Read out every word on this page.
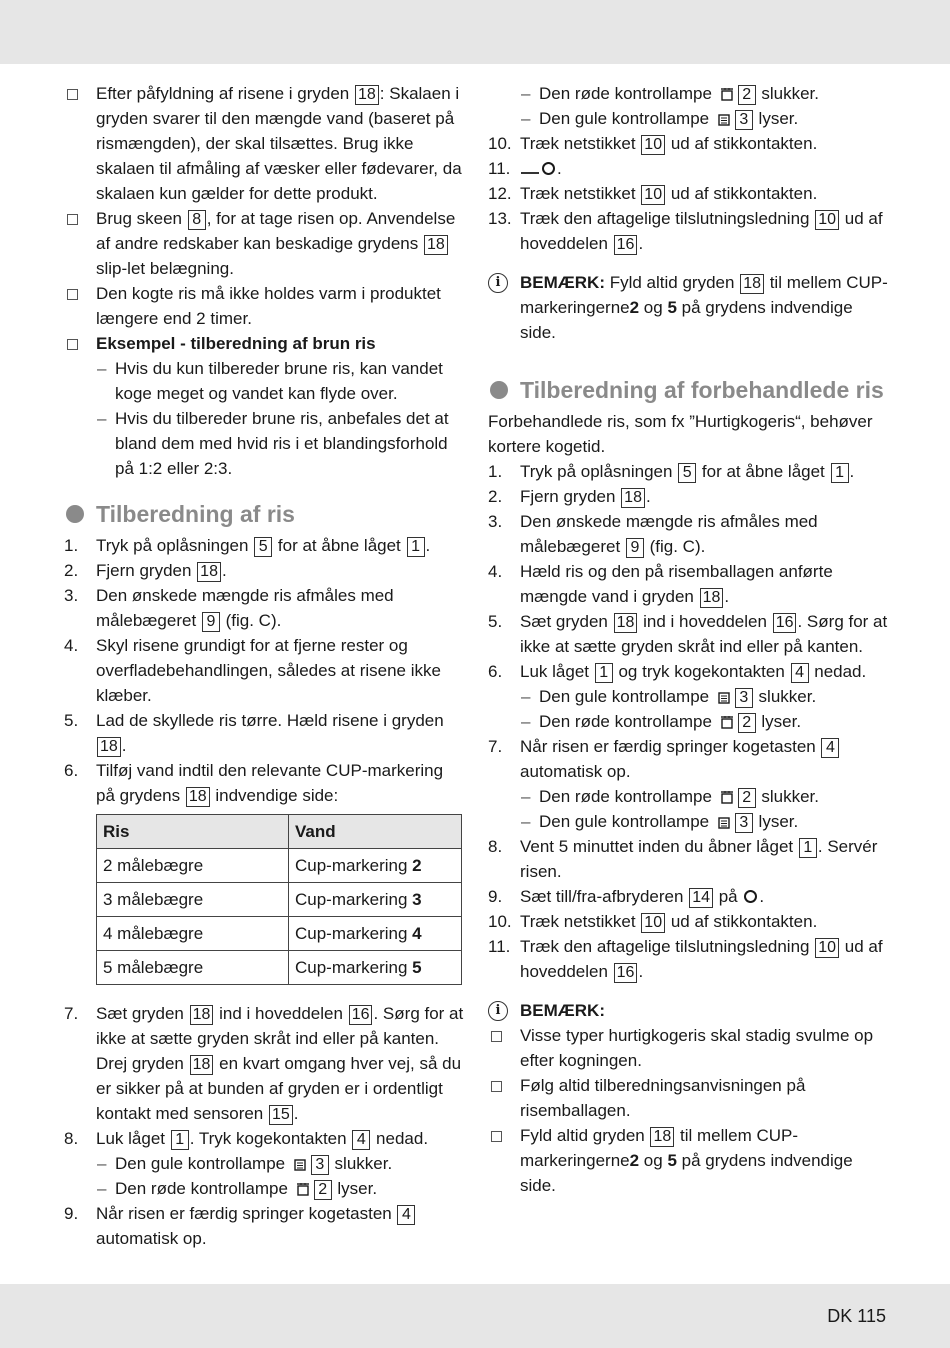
Efter påfyldning af risene i gryden 18 : Skalaen i gryden svarer til den mængde vand (baseret på rismængden), der skal tilsættes. Brug ikke skalaen til afmåling af væsker eller fødevarer, da skalaen kun gælder for dette produkt.
Brug skeen 8 , for at tage risen op. Anvendelse af andre redskaber kan beskadige grydens 18 slip-let belægning.
Den kogte ris må ikke holdes varm i produktet længere end 2 timer.
Eksempel - tilberedning af brun ris
– Hvis du kun tilbereder brune ris, kan vandet koge meget og vandet kan flyde over.
– Hvis du tilbereder brune ris, anbefales det at bland dem med hvid ris i et blandingsforhold på 1:2 eller 2:3.
Tilberedning af ris
1. Tryk på oplåsningen 5 for at åbne låget 1 .
2. Fjern gryden 18 .
3. Den ønskede mængde ris afmåles med målebægeret 9 (fig. C).
4. Skyl risene grundigt for at fjerne rester og overfladebehandlingen, således at risene ikke klæber.
5. Lad de skyllede ris tørre. Hæld risene i gryden 18 .
6. Tilføj vand indtil den relevante CUP-markering på grydens 18 indvendige side:
Ris	Vand
2 målebægre	Cup-markering 2
3 målebægre	Cup-markering 3
4 målebægre	Cup-markering 4
5 målebægre	Cup-markering 5
7. Sæt gryden 18 ind i hoveddelen 16 . Sørg for at ikke at sætte gryden skråt ind eller på kanten. Drej gryden 18 en kvart omgang hver vej, så du er sikker på at bunden af gryden er i ordentligt kontakt med sensoren 15 .
8. Luk låget 1 . Tryk kogekontakten 4 nedad.
– Den gule kontrollampe 3 slukker.
– Den røde kontrollampe 2 lyser.
9. Når risen er færdig springer kogetasten 4 automatisk op.
– Den røde kontrollampe 2 slukker.
– Den gule kontrollampe 3 lyser.
10. Træk netstikket 10 ud af stikkontakten.
11.	.
12. Træk netstikket 10 ud af stikkontakten.
13. Træk den aftagelige tilslutningsledning 10 ud af hoveddelen 16 .
i	BEMÆRK: Fyld altid gryden 18 til mellem CUP-markeringerne2 og 5 på grydens indvendige side.
Tilberedning af forbehandlede ris
Forbehandlede ris, som fx ”Hurtigkogeris“, behøver kortere kogetid.
1. Tryk på oplåsningen 5 for at åbne låget 1 .
2. Fjern gryden 18 .
3. Den ønskede mængde ris afmåles med målebægeret 9 (fig. C).
4. Hæld ris og den på risemballagen anførte mængde vand i gryden 18 .
5. Sæt gryden 18 ind i hoveddelen 16 . Sørg for at ikke at sætte gryden skråt ind eller på kanten.
6. Luk låget 1 og tryk kogekontakten 4 nedad.
– Den gule kontrollampe 3 slukker.
– Den røde kontrollampe 2 lyser.
7. Når risen er færdig springer kogetasten 4 automatisk op.
– Den røde kontrollampe 2 slukker.
– Den gule kontrollampe 3 lyser.
8. Vent 5 minuttet inden du åbner låget 1 . Servér risen.
9. Sæt till/fra-afbryderen 14 på .
10. Træk netstikket 10 ud af stikkontakten.
11. Træk den aftagelige tilslutningsledning 10 ud af hoveddelen 16 .
i	BEMÆRK:
Visse typer hurtigkogeris skal stadig svulme op efter kogningen.
Følg altid tilberedningsanvisningen på risemballagen.
Fyld altid gryden 18 til mellem CUP-markeringerne2 og 5 på grydens indvendige side.
DK 115
